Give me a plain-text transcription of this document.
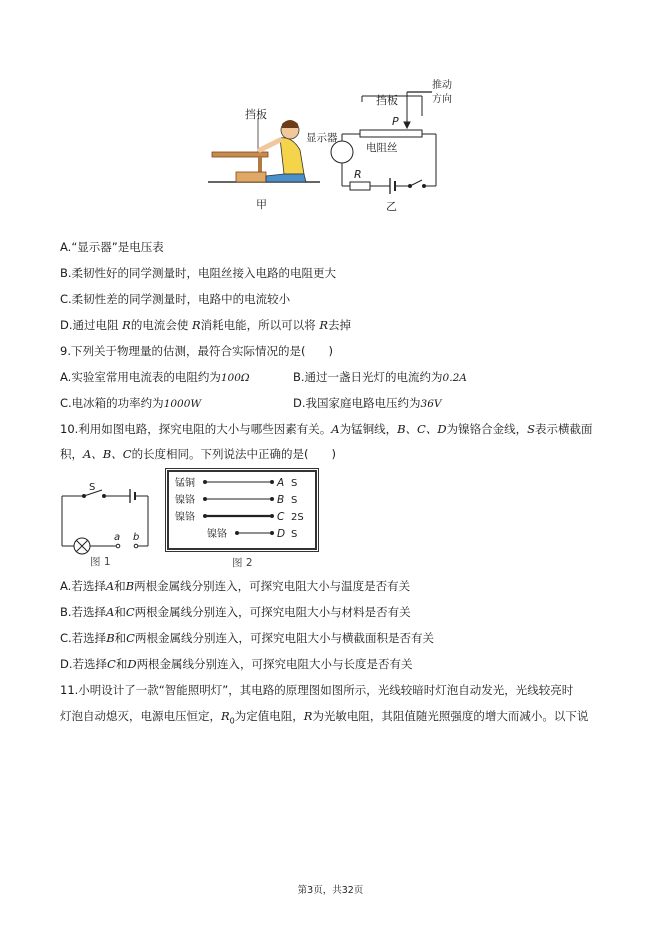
挡板
甲
挡板
推动
方向
P
显示器
电阻丝
R
乙
A.“显示器”是电压表
B.柔韧性好的同学测量时，电阻丝接入电路的电阻更大
C.柔韧性差的同学测量时，电路中的电流较小
D.通过电阻 R的电流会使 R消耗电能，所以可以将 R去掉
9.下列关于物理量的估测，最符合实际情况的是(　　)
A.实验室常用电流表的电阻约为100Ω	B.通过一盏日光灯的电流约为0.2A
C.电冰箱的功率约为1000W	D.我国家庭电路电压约为36V
10.利用如图电路，探究电阻的大小与哪些因素有关。A为锰铜线，B、C、D为镍铬合金线，S表示横截面
积，A、B、C的长度相同。下列说法中正确的是(　　)
S
a b
图 1
锰铜	A S
镍铬	B S
镍铬	C 2S
镍铬	D S
图 2
A.若选择A和B两根金属线分别连入，可探究电阻大小与温度是否有关
B.若选择A和C两根金属线分别连入，可探究电阻大小与材料是否有关
C.若选择B和C两根金属线分别连入，可探究电阻大小与横截面积是否有关
D.若选择C和D两根金属线分别连入，可探究电阻大小与长度是否有关
11.小明设计了一款“智能照明灯”，其电路的原理图如图所示，光线较暗时灯泡自动发光，光线较亮时
灯泡自动熄灭，电源电压恒定，$R_0$为定值电阻，R为光敏电阻，其阻值随光照强度的增大而减小。以下说
第3页，共32页
